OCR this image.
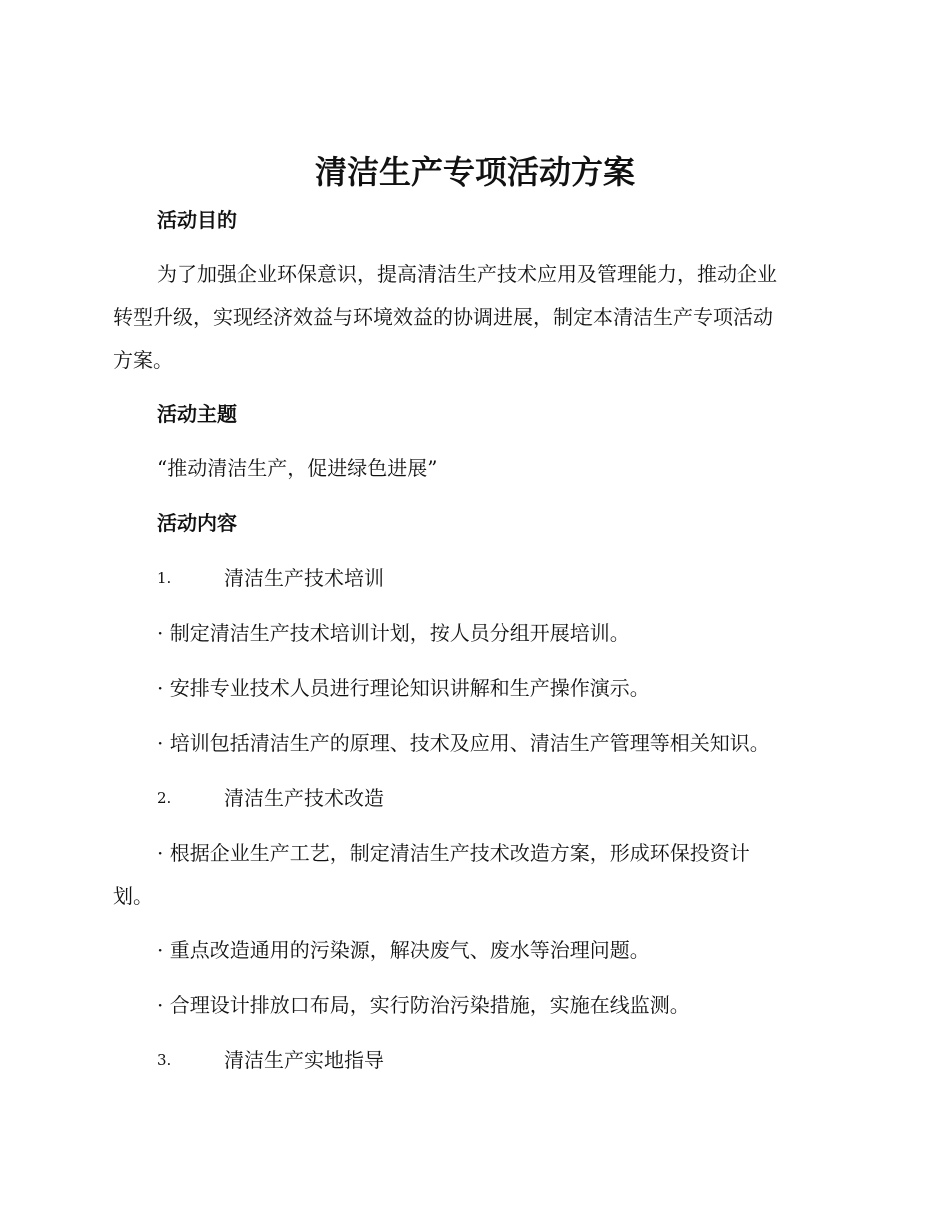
清洁生产专项活动方案
活动目的
为了加强企业环保意识，提高清洁生产技术应用及管理能力，推动企业
转型升级，实现经济效益与环境效益的协调进展，制定本清洁生产专项活动
方案。
活动主题
“推动清洁生产，促进绿色进展”
活动内容
1.	清洁生产技术培训
· 制定清洁生产技术培训计划，按人员分组开展培训。
· 安排专业技术人员进行理论知识讲解和生产操作演示。
· 培训包括清洁生产的原理、技术及应用、清洁生产管理等相关知识。
2.	清洁生产技术改造
· 根据企业生产工艺，制定清洁生产技术改造方案，形成环保投资计
划。
· 重点改造通用的污染源，解决废气、废水等治理问题。
· 合理设计排放口布局，实行防治污染措施，实施在线监测。
3.	清洁生产实地指导
